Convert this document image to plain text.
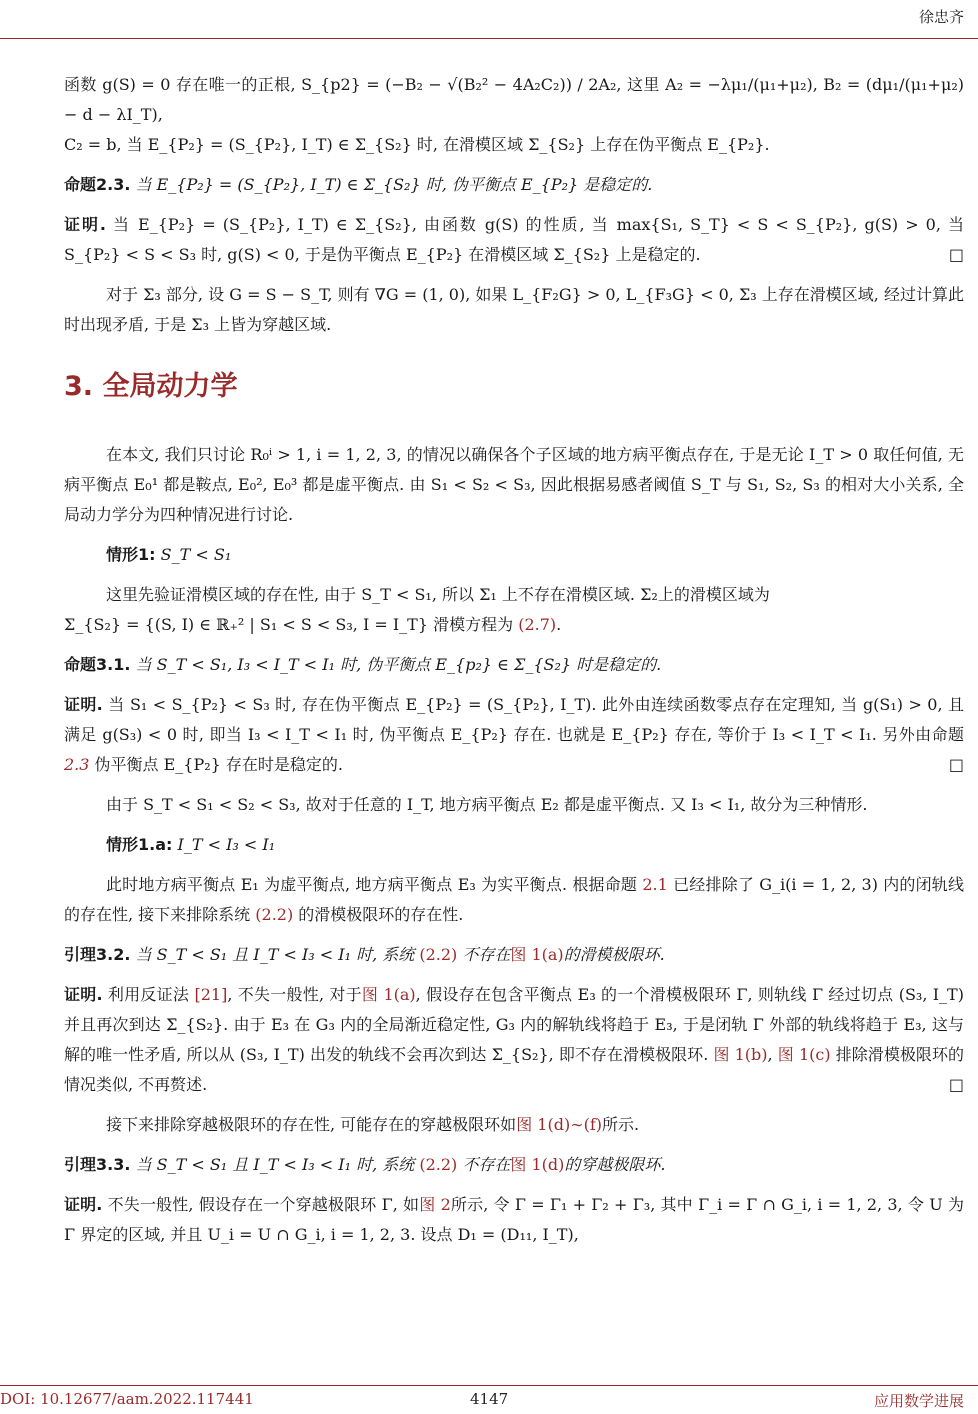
徐忠齐

函数 g(S) = 0 存在唯一的正根, S_{p2} = (−B₂ − √(B₂² − 4A₂C₂)) / 2A₂, 这里 A₂ = −λμ₁/(μ₁+μ₂), B₂ = (dμ₁/(μ₁+μ₂) − d − λI_T),
C₂ = b, 当 E_{P₂} = (S_{P₂}, I_T) ∈ Σ_{S₂} 时, 在滑模区域 Σ_{S₂} 上存在伪平衡点 E_{P₂}.

命题2.3. 当 E_{P₂} = (S_{P₂}, I_T) ∈ Σ_{S₂} 时, 伪平衡点 E_{P₂} 是稳定的.

证明. 当 E_{P₂} = (S_{P₂}, I_T) ∈ Σ_{S₂}, 由函数 g(S) 的性质, 当 max{S₁, S_T} < S < S_{P₂}, g(S) > 0, 当 S_{P₂} < S < S₃ 时, g(S) < 0, 于是伪平衡点 E_{P₂} 在滑模区域 Σ_{S₂} 上是稳定的.	□

对于 Σ₃ 部分, 设 G = S − S_T, 则有 ∇G = (1, 0), 如果 L_{F₂G} > 0, L_{F₃G} < 0, Σ₃ 上存在滑模区域, 经过计算此时出现矛盾, 于是 Σ₃ 上皆为穿越区域.

3. 全局动力学

在本文, 我们只讨论 R₀ⁱ > 1, i = 1, 2, 3, 的情况以确保各个子区域的地方病平衡点存在, 于是无论 I_T > 0 取任何值, 无病平衡点 E₀¹ 都是鞍点, E₀², E₀³ 都是虚平衡点. 由 S₁ < S₂ < S₃, 因此根据易感者阈值 S_T 与 S₁, S₂, S₃ 的相对大小关系, 全局动力学分为四种情况进行讨论.

情形1: S_T < S₁

这里先验证滑模区域的存在性, 由于 S_T < S₁, 所以 Σ₁ 上不存在滑模区域. Σ₂上的滑模区域为
Σ_{S₂} = {(S, I) ∈ ℝ₊² | S₁ < S < S₃, I = I_T} 滑模方程为 (2.7).

命题3.1. 当 S_T < S₁, I₃ < I_T < I₁ 时, 伪平衡点 E_{p₂} ∈ Σ_{S₂} 时是稳定的.

证明. 当 S₁ < S_{P₂} < S₃ 时, 存在伪平衡点 E_{P₂} = (S_{P₂}, I_T). 此外由连续函数零点存在定理知, 当 g(S₁) > 0, 且满足 g(S₃) < 0 时, 即当 I₃ < I_T < I₁ 时, 伪平衡点 E_{P₂} 存在. 也就是 E_{P₂} 存在, 等价于 I₃ < I_T < I₁. 另外由命题 2.3 伪平衡点 E_{P₂} 存在时是稳定的.	□

由于 S_T < S₁ < S₂ < S₃, 故对于任意的 I_T, 地方病平衡点 E₂ 都是虚平衡点. 又 I₃ < I₁, 故分为三种情形.

情形1.a: I_T < I₃ < I₁

此时地方病平衡点 E₁ 为虚平衡点, 地方病平衡点 E₃ 为实平衡点. 根据命题 2.1 已经排除了 G_i(i = 1, 2, 3) 内的闭轨线的存在性, 接下来排除系统 (2.2) 的滑模极限环的存在性.

引理3.2. 当 S_T < S₁ 且 I_T < I₃ < I₁ 时, 系统 (2.2) 不存在图 1(a)的滑模极限环.

证明. 利用反证法 [21], 不失一般性, 对于图 1(a), 假设存在包含平衡点 E₃ 的一个滑模极限环 Γ, 则轨线 Γ 经过切点 (S₃, I_T) 并且再次到达 Σ̄_{S₂}. 由于 E₃ 在 G₃ 内的全局渐近稳定性, G₃ 内的解轨线将趋于 E₃, 于是闭轨 Γ 外部的轨线将趋于 E₃, 这与解的唯一性矛盾, 所以从 (S₃, I_T) 出发的轨线不会再次到达 Σ̄_{S₂}, 即不存在滑模极限环. 图 1(b), 图 1(c) 排除滑模极限环的情况类似, 不再赘述.	□

接下来排除穿越极限环的存在性, 可能存在的穿越极限环如图 1(d)∼(f)所示.

引理3.3. 当 S_T < S₁ 且 I_T < I₃ < I₁ 时, 系统 (2.2) 不存在图 1(d)的穿越极限环.

证明. 不失一般性, 假设存在一个穿越极限环 Γ, 如图 2所示, 令 Γ = Γ₁ + Γ₂ + Γ₃, 其中 Γ_i = Γ ∩ G_i, i = 1, 2, 3, 令 U 为 Γ 界定的区域, 并且 U_i = U ∩ G_i, i = 1, 2, 3. 设点 D₁ = (D₁₁, I_T),

DOI: 10.12677/aam.2022.117441	4147	应用数学进展
